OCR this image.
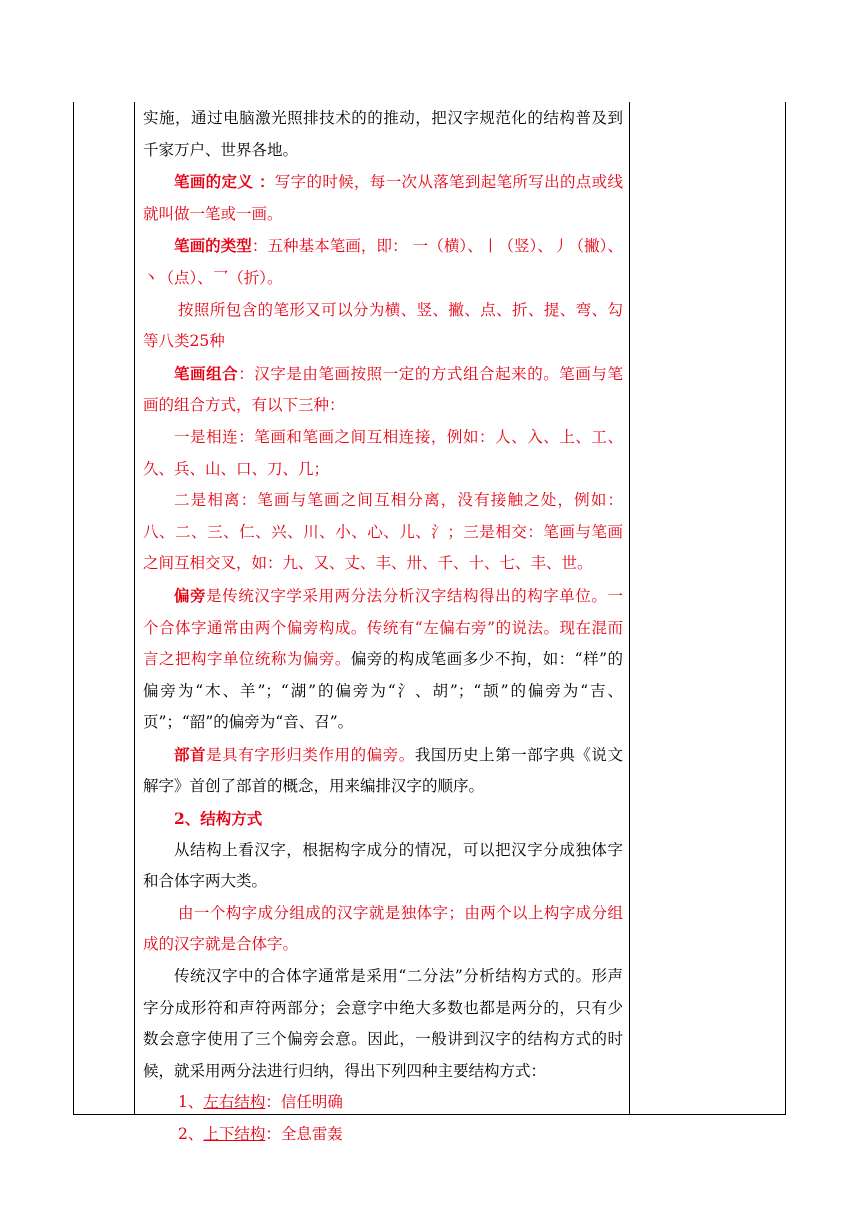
实施，通过电脑激光照排技术的的推动，把汉字规范化的结构普及到千家万户、世界各地。

笔画的定义 ：写字的时候，每一次从落笔到起笔所写出的点或线就叫做一笔或一画。

笔画的类型：五种基本笔画，即： 一（横）、丨（竖）、丿（撇）、丶（点）、乛（折）。

按照所包含的笔形又可以分为横、竖、撇、点、折、提、弯、勾等八类25种

笔画组合：汉字是由笔画按照一定的方式组合起来的。笔画与笔画的组合方式，有以下三种：

一是相连：笔画和笔画之间互相连接，例如：人、入、上、工、久、兵、山、口、刀、几；

二是相离：笔画与笔画之间互相分离，没有接触之处，例如：八、二、三、仁、兴、川、小、心、儿、氵；三是相交：笔画与笔画之间互相交叉，如：九、又、丈、丰、卅、千、十、七、丰、世。

偏旁是传统汉字学采用两分法分析汉字结构得出的构字单位。一个合体字通常由两个偏旁构成。传统有“左偏右旁”的说法。现在混而言之把构字单位统称为偏旁。偏旁的构成笔画多少不拘，如：“样”的偏旁为“木、羊”；“湖”的偏旁为“氵、胡”；“颉”的偏旁为“吉、页”；“韶”的偏旁为“音、召”。

部首是具有字形归类作用的偏旁。我国历史上第一部字典《说文解字》首创了部首的概念，用来编排汉字的顺序。

2、结构方式

从结构上看汉字，根据构字成分的情况，可以把汉字分成独体字和合体字两大类。

由一个构字成分组成的汉字就是独体字；由两个以上构字成分组成的汉字就是合体字。

传统汉字中的合体字通常是采用“二分法”分析结构方式的。形声字分成形符和声符两部分；会意字中绝大多数也都是两分的，只有少数会意字使用了三个偏旁会意。因此，一般讲到汉字的结构方式的时候，就采用两分法进行归纳，得出下列四种主要结构方式：

1、左右结构：信任明确

2、上下结构：全息雷轰
